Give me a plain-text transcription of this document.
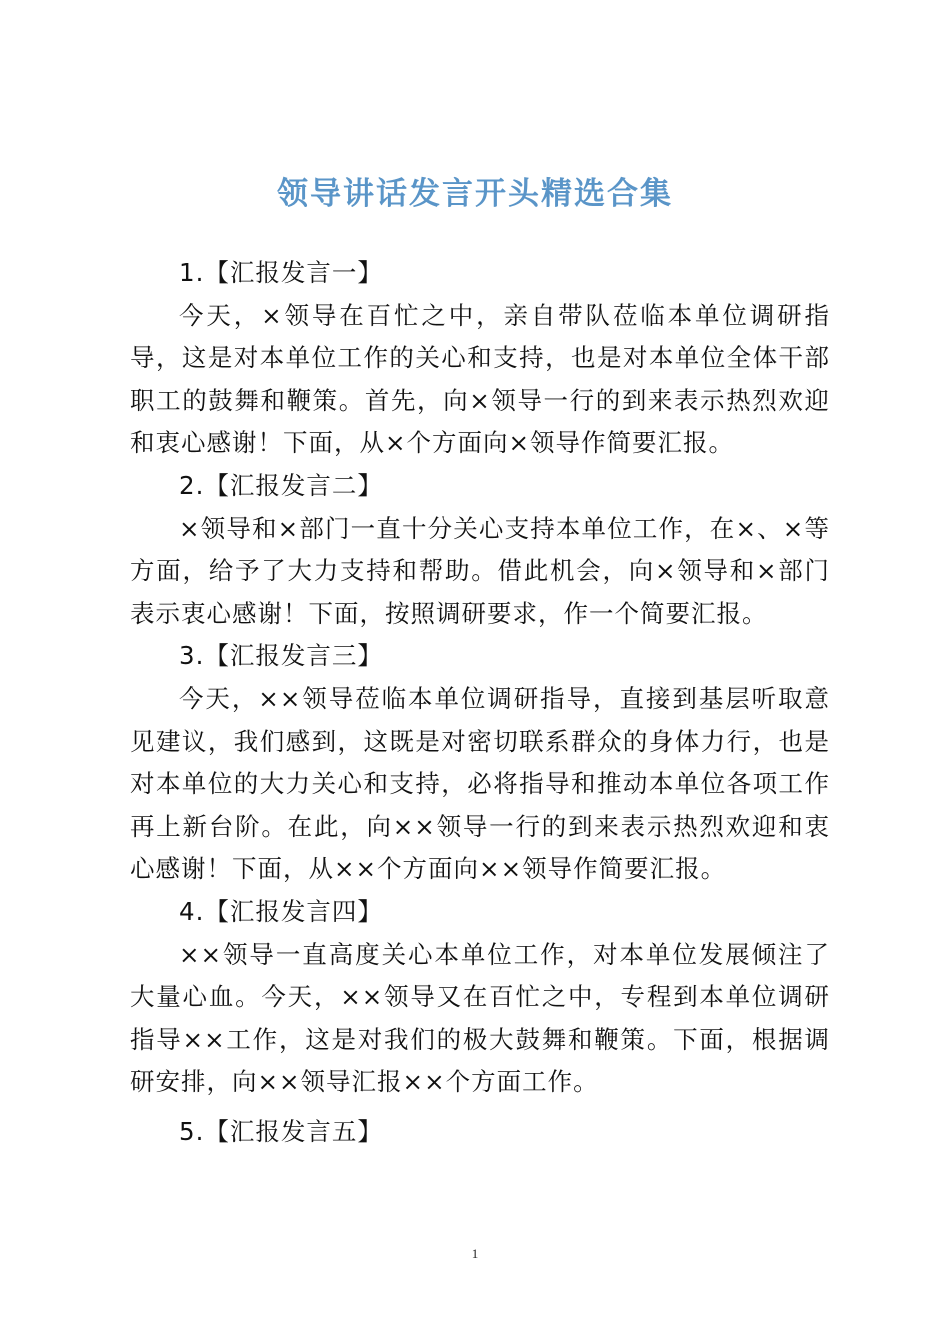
领导讲话发言开头精选合集

1.【汇报发言一】

今天，×领导在百忙之中，亲自带队莅临本单位调研指导，这是对本单位工作的关心和支持，也是对本单位全体干部职工的鼓舞和鞭策。首先，向×领导一行的到来表示热烈欢迎和衷心感谢！下面，从×个方面向×领导作简要汇报。

2.【汇报发言二】

×领导和×部门一直十分关心支持本单位工作，在×、×等方面，给予了大力支持和帮助。借此机会，向×领导和×部门表示衷心感谢！下面，按照调研要求，作一个简要汇报。

3.【汇报发言三】

今天，××领导莅临本单位调研指导，直接到基层听取意见建议，我们感到，这既是对密切联系群众的身体力行，也是对本单位的大力关心和支持，必将指导和推动本单位各项工作再上新台阶。在此，向××领导一行的到来表示热烈欢迎和衷心感谢！下面，从××个方面向××领导作简要汇报。

4.【汇报发言四】

××领导一直高度关心本单位工作，对本单位发展倾注了大量心血。今天，××领导又在百忙之中，专程到本单位调研指导××工作，这是对我们的极大鼓舞和鞭策。下面，根据调研安排，向××领导汇报××个方面工作。

5.【汇报发言五】

1
